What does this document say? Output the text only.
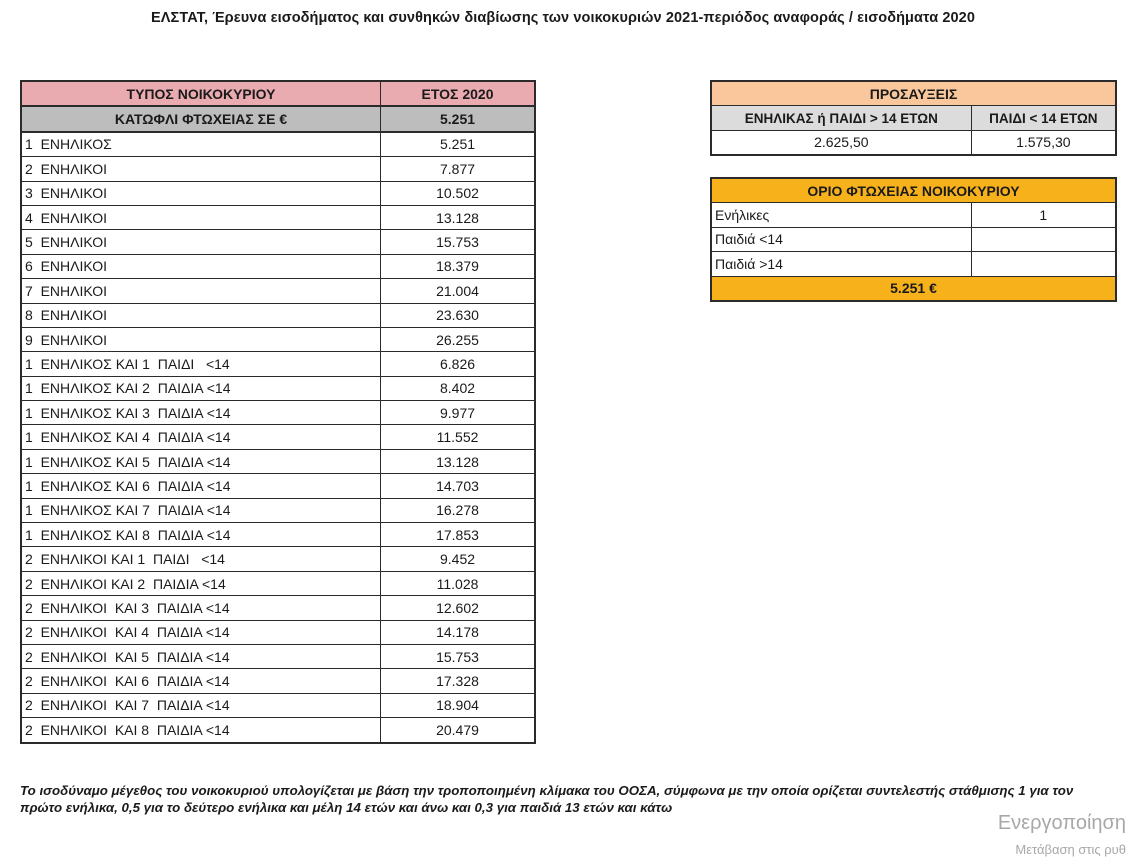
ΕΛΣΤΑΤ, Έρευνα εισοδήματος και συνθηκών διαβίωσης των νοικοκυριών 2021-περιόδος αναφοράς / εισοδήματα 2020
ΤΥΠΟΣ ΝΟΙΚΟΚΥΡΙΟΥ	ΕΤΟΣ 2020
ΚΑΤΩΦΛΙ ΦΤΩΧΕΙΑΣ ΣΕ €	5.251
1  ΕΝΗΛΙΚΟΣ	5.251
2  ΕΝΗΛΙΚΟΙ	7.877
3  ΕΝΗΛΙΚΟΙ	10.502
4  ΕΝΗΛΙΚΟΙ	13.128
5  ΕΝΗΛΙΚΟΙ	15.753
6  ΕΝΗΛΙΚΟΙ	18.379
7  ΕΝΗΛΙΚΟΙ	21.004
8  ΕΝΗΛΙΚΟΙ	23.630
9  ΕΝΗΛΙΚΟΙ	26.255
1  ΕΝΗΛΙΚΟΣ ΚΑΙ 1  ΠΑΙΔΙ   <14	6.826
1  ΕΝΗΛΙΚΟΣ ΚΑΙ 2  ΠΑΙΔΙΑ <14	8.402
1  ΕΝΗΛΙΚΟΣ ΚΑΙ 3  ΠΑΙΔΙΑ <14	9.977
1  ΕΝΗΛΙΚΟΣ ΚΑΙ 4  ΠΑΙΔΙΑ <14	11.552
1  ΕΝΗΛΙΚΟΣ ΚΑΙ 5  ΠΑΙΔΙΑ <14	13.128
1  ΕΝΗΛΙΚΟΣ ΚΑΙ 6  ΠΑΙΔΙΑ <14	14.703
1  ΕΝΗΛΙΚΟΣ ΚΑΙ 7  ΠΑΙΔΙΑ <14	16.278
1  ΕΝΗΛΙΚΟΣ ΚΑΙ 8  ΠΑΙΔΙΑ <14	17.853
2  ΕΝΗΛΙΚΟΙ ΚΑΙ 1  ΠΑΙΔΙ   <14	9.452
2  ΕΝΗΛΙΚΟΙ ΚΑΙ 2  ΠΑΙΔΙΑ <14	11.028
2  ΕΝΗΛΙΚΟΙ  ΚΑΙ 3  ΠΑΙΔΙΑ <14	12.602
2  ΕΝΗΛΙΚΟΙ  ΚΑΙ 4  ΠΑΙΔΙΑ <14	14.178
2  ΕΝΗΛΙΚΟΙ  ΚΑΙ 5  ΠΑΙΔΙΑ <14	15.753
2  ΕΝΗΛΙΚΟΙ  ΚΑΙ 6  ΠΑΙΔΙΑ <14	17.328
2  ΕΝΗΛΙΚΟΙ  ΚΑΙ 7  ΠΑΙΔΙΑ <14	18.904
2  ΕΝΗΛΙΚΟΙ  ΚΑΙ 8  ΠΑΙΔΙΑ <14	20.479
ΠΡΟΣΑΥΞΕΙΣ	
ΕΝΗΛΙΚΑΣ ή ΠΑΙΔΙ > 14 ΕΤΩΝ	ΠΑΙΔΙ < 14 ΕΤΩΝ
2.625,50	1.575,30
ΟΡΙΟ ΦΤΩΧΕΙΑΣ ΝΟΙΚΟΚΥΡΙΟΥ	
Ενήλικες	1
Παιδιά <14	
Παιδιά >14	
5.251 €	
Το ισοδύναμο μέγεθος του νοικοκυριού υπολογίζεται με βάση την τροποποιημένη κλίμακα του ΟΟΣΑ, σύμφωνα με την οποία ορίζεται συντελεστής στάθμισης 1 για τον πρώτο ενήλικα, 0,5 για το δεύτερο ενήλικα και μέλη 14 ετών και άνω και 0,3 για παιδιά 13 ετών και κάτω
Ενεργοποίηση
Μετάβαση στις ρυθ
